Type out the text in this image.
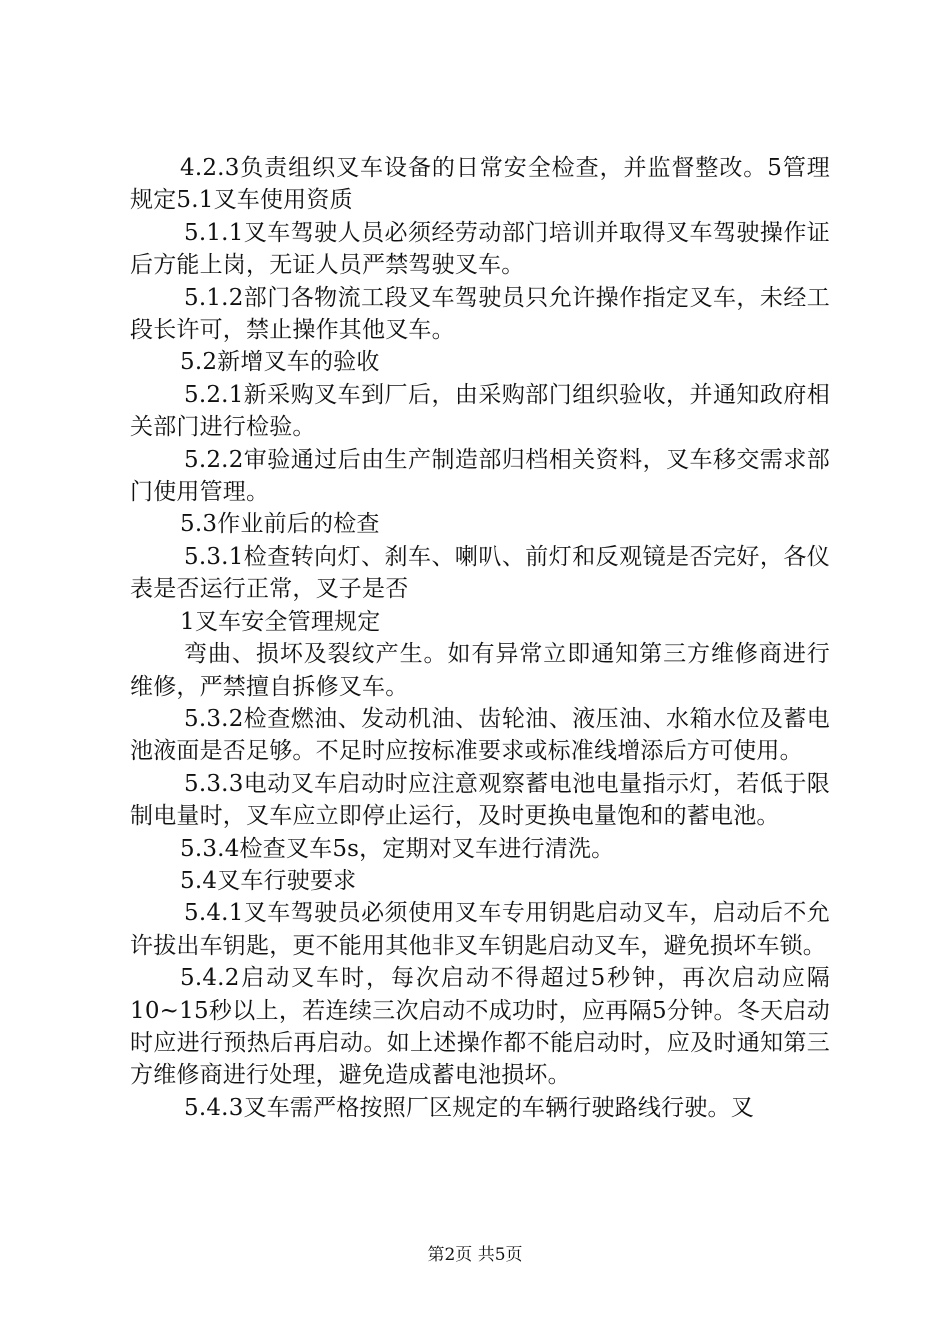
4.2.3负责组织叉车设备的日常安全检查，并监督整改。5管理规定5.1叉车使用资质

5.1.1叉车驾驶人员必须经劳动部门培训并取得叉车驾驶操作证后方能上岗，无证人员严禁驾驶叉车。

5.1.2部门各物流工段叉车驾驶员只允许操作指定叉车，未经工段长许可，禁止操作其他叉车。

5.2新增叉车的验收

5.2.1新采购叉车到厂后，由采购部门组织验收，并通知政府相关部门进行检验。

5.2.2审验通过后由生产制造部归档相关资料，叉车移交需求部门使用管理。

5.3作业前后的检查

5.3.1检查转向灯、刹车、喇叭、前灯和反观镜是否完好，各仪表是否运行正常，叉子是否

1叉车安全管理规定

弯曲、损坏及裂纹产生。如有异常立即通知第三方维修商进行维修，严禁擅自拆修叉车。

5.3.2检查燃油、发动机油、齿轮油、液压油、水箱水位及蓄电池液面是否足够。不足时应按标准要求或标准线增添后方可使用。

5.3.3电动叉车启动时应注意观察蓄电池电量指示灯，若低于限制电量时，叉车应立即停止运行，及时更换电量饱和的蓄电池。

5.3.4检查叉车5s，定期对叉车进行清洗。

5.4叉车行驶要求

5.4.1叉车驾驶员必须使用叉车专用钥匙启动叉车，启动后不允许拔出车钥匙，更不能用其他非叉车钥匙启动叉车，避免损坏车锁。

5.4.2启动叉车时，每次启动不得超过5秒钟，再次启动应隔10~15秒以上，若连续三次启动不成功时，应再隔5分钟。冬天启动时应进行预热后再启动。如上述操作都不能启动时，应及时通知第三方维修商进行处理，避免造成蓄电池损坏。

5.4.3叉车需严格按照厂区规定的车辆行驶路线行驶。叉

第2页 共5页
